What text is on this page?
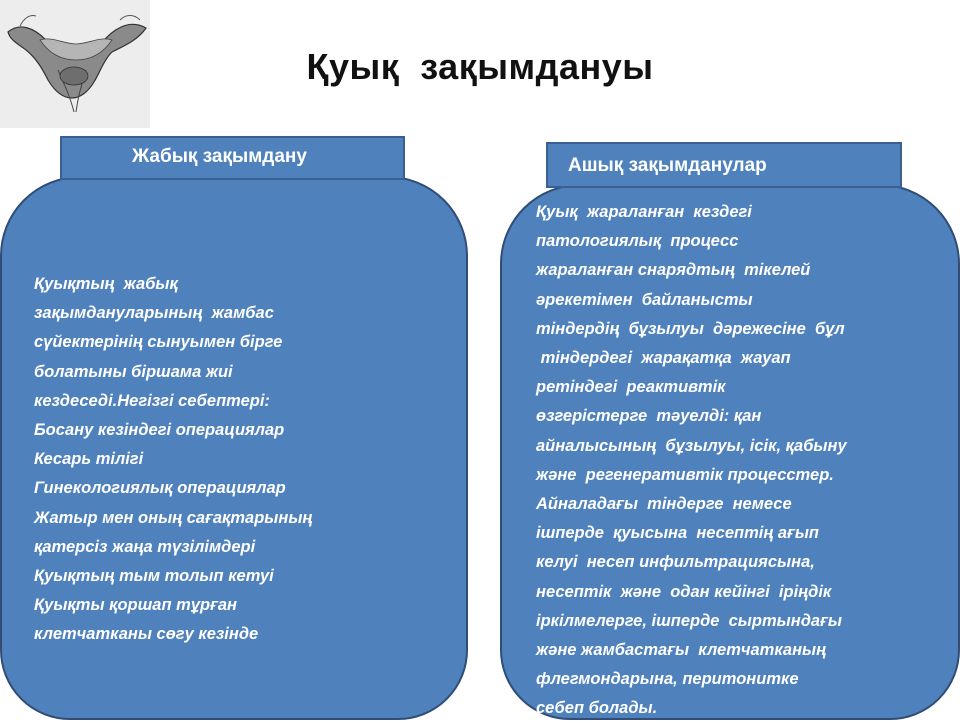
Қуық  зақымдануы
Жабық зақымдану
Қуықтың  жабық
зақымдануларының  жамбас
сүйектерінің сынуымен бірге
болатыны біршама жиі
кездеседі.Негізгі себептері:
Босану кезіндегі операциялар
Кесарь тілігі
Гинекологиялық операциялар
Жатыр мен оның сағақтарының
қатерсіз жаңа түзілімдері
Қуықтың тым толып кетуі
Қуықты қоршап тұрған
клетчатканы сөгу кезінде
Ашық зақымданулар
Қуық  жараланған  кездегі
патологиялық  процесс
жараланған снарядтың  тікелей
әрекетімен  байланысты
тіндердің  бұзылуы  дәрежесіне  бұл
тіндердегі  жарақатқа  жауап
ретіндегі  реактивтік
өзгерістерге  тәуелді: қан
айналысының  бұзылуы, ісік, қабыну
және  регенеративтік процесстер.
Айналадағы  тіндерге  немесе
ішперде  қуысына  несептің ағып
келуі  несеп инфильтрациясына,
несептік  және  одан кейінгі  іріңдік
іркілмелерге, ішперде  сыртындағы
және жамбастағы  клетчатканың
флегмондарына, перитонитке
себеп болады.
